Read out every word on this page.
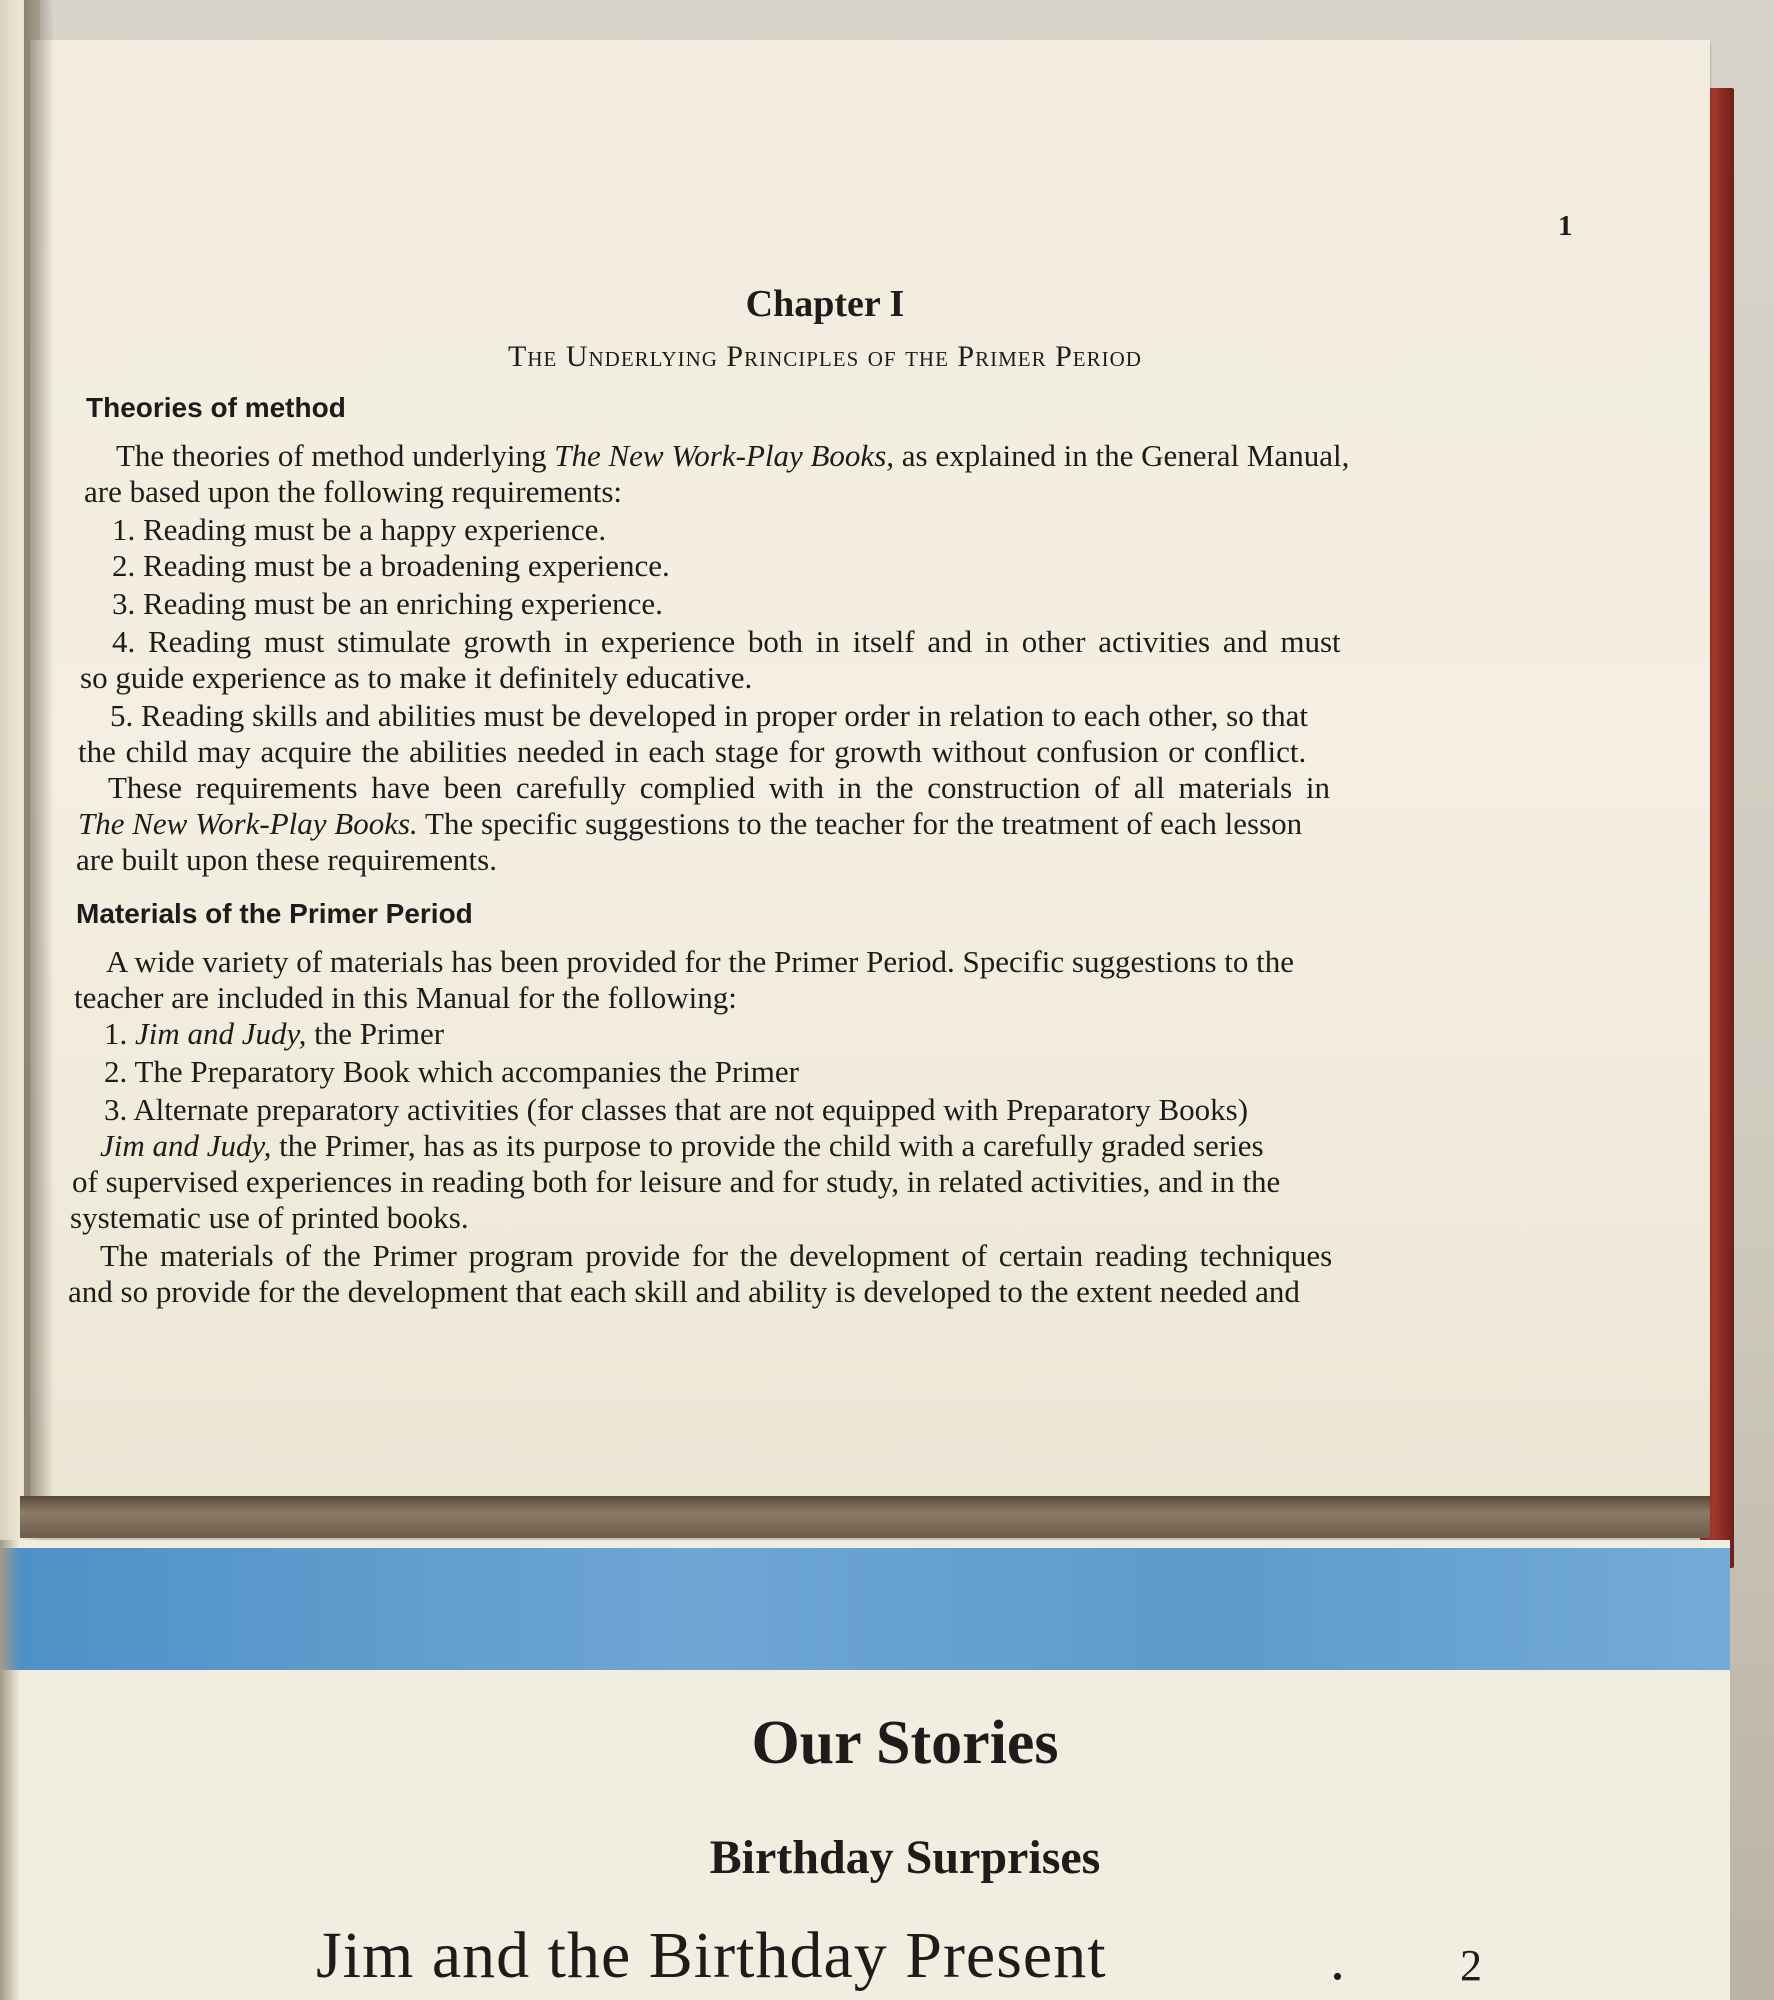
1
Chapter I
The Underlying Principles of the Primer Period
Theories of method
The theories of method underlying The New Work-Play Books, as explained in the General Manual,
are based upon the following requirements:
1. Reading must be a happy experience.
2. Reading must be a broadening experience.
3. Reading must be an enriching experience.
4. Reading must stimulate growth in experience both in itself and in other activities and must
so guide experience as to make it definitely educative.
5. Reading skills and abilities must be developed in proper order in relation to each other, so that
the child may acquire the abilities needed in each stage for growth without confusion or conflict.
These requirements have been carefully complied with in the construction of all materials in
The New Work-Play Books. The specific suggestions to the teacher for the treatment of each lesson
are built upon these requirements.
Materials of the Primer Period
A wide variety of materials has been provided for the Primer Period. Specific suggestions to the
teacher are included in this Manual for the following:
1. Jim and Judy, the Primer
2. The Preparatory Book which accompanies the Primer
3. Alternate preparatory activities (for classes that are not equipped with Preparatory Books)
Jim and Judy, the Primer, has as its purpose to provide the child with a carefully graded series
of supervised experiences in reading both for leisure and for study, in related activities, and in the
systematic use of printed books.
The materials of the Primer program provide for the development of certain reading techniques
and so provide for the development that each skill and ability is developed to the extent needed and
Our Stories
Birthday Surprises
Jim and the Birthday Present	.	2
